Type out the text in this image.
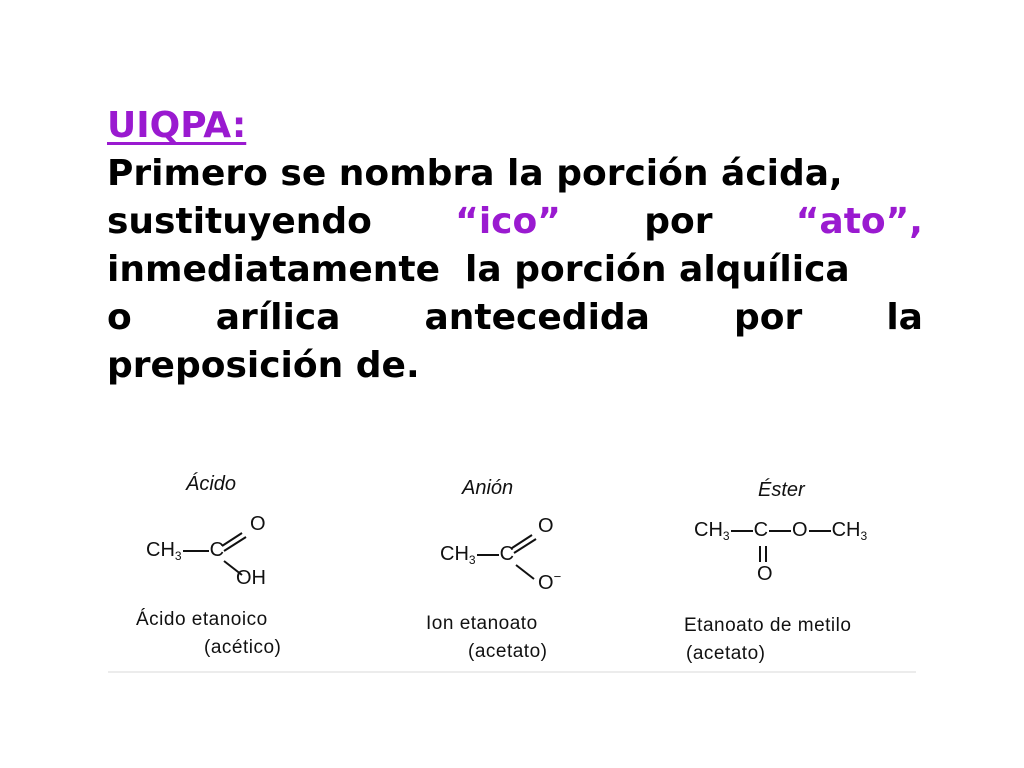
UIQPA:
Primero se nombra la porción ácida,
sustituyendo “ico” por “ato”,
inmediatamente  la porción alquílica
o arílica antecedida por la
preposición de.
Ácido
O
$CH_3$ C
OH
Ácido etanoico
(acético)
Anión
O
$CH_3$ C
O−
Ion etanoato
(acetato)
Éster
$CH_3$ C O $CH_3$
O
Etanoato de metilo
(acetato)
